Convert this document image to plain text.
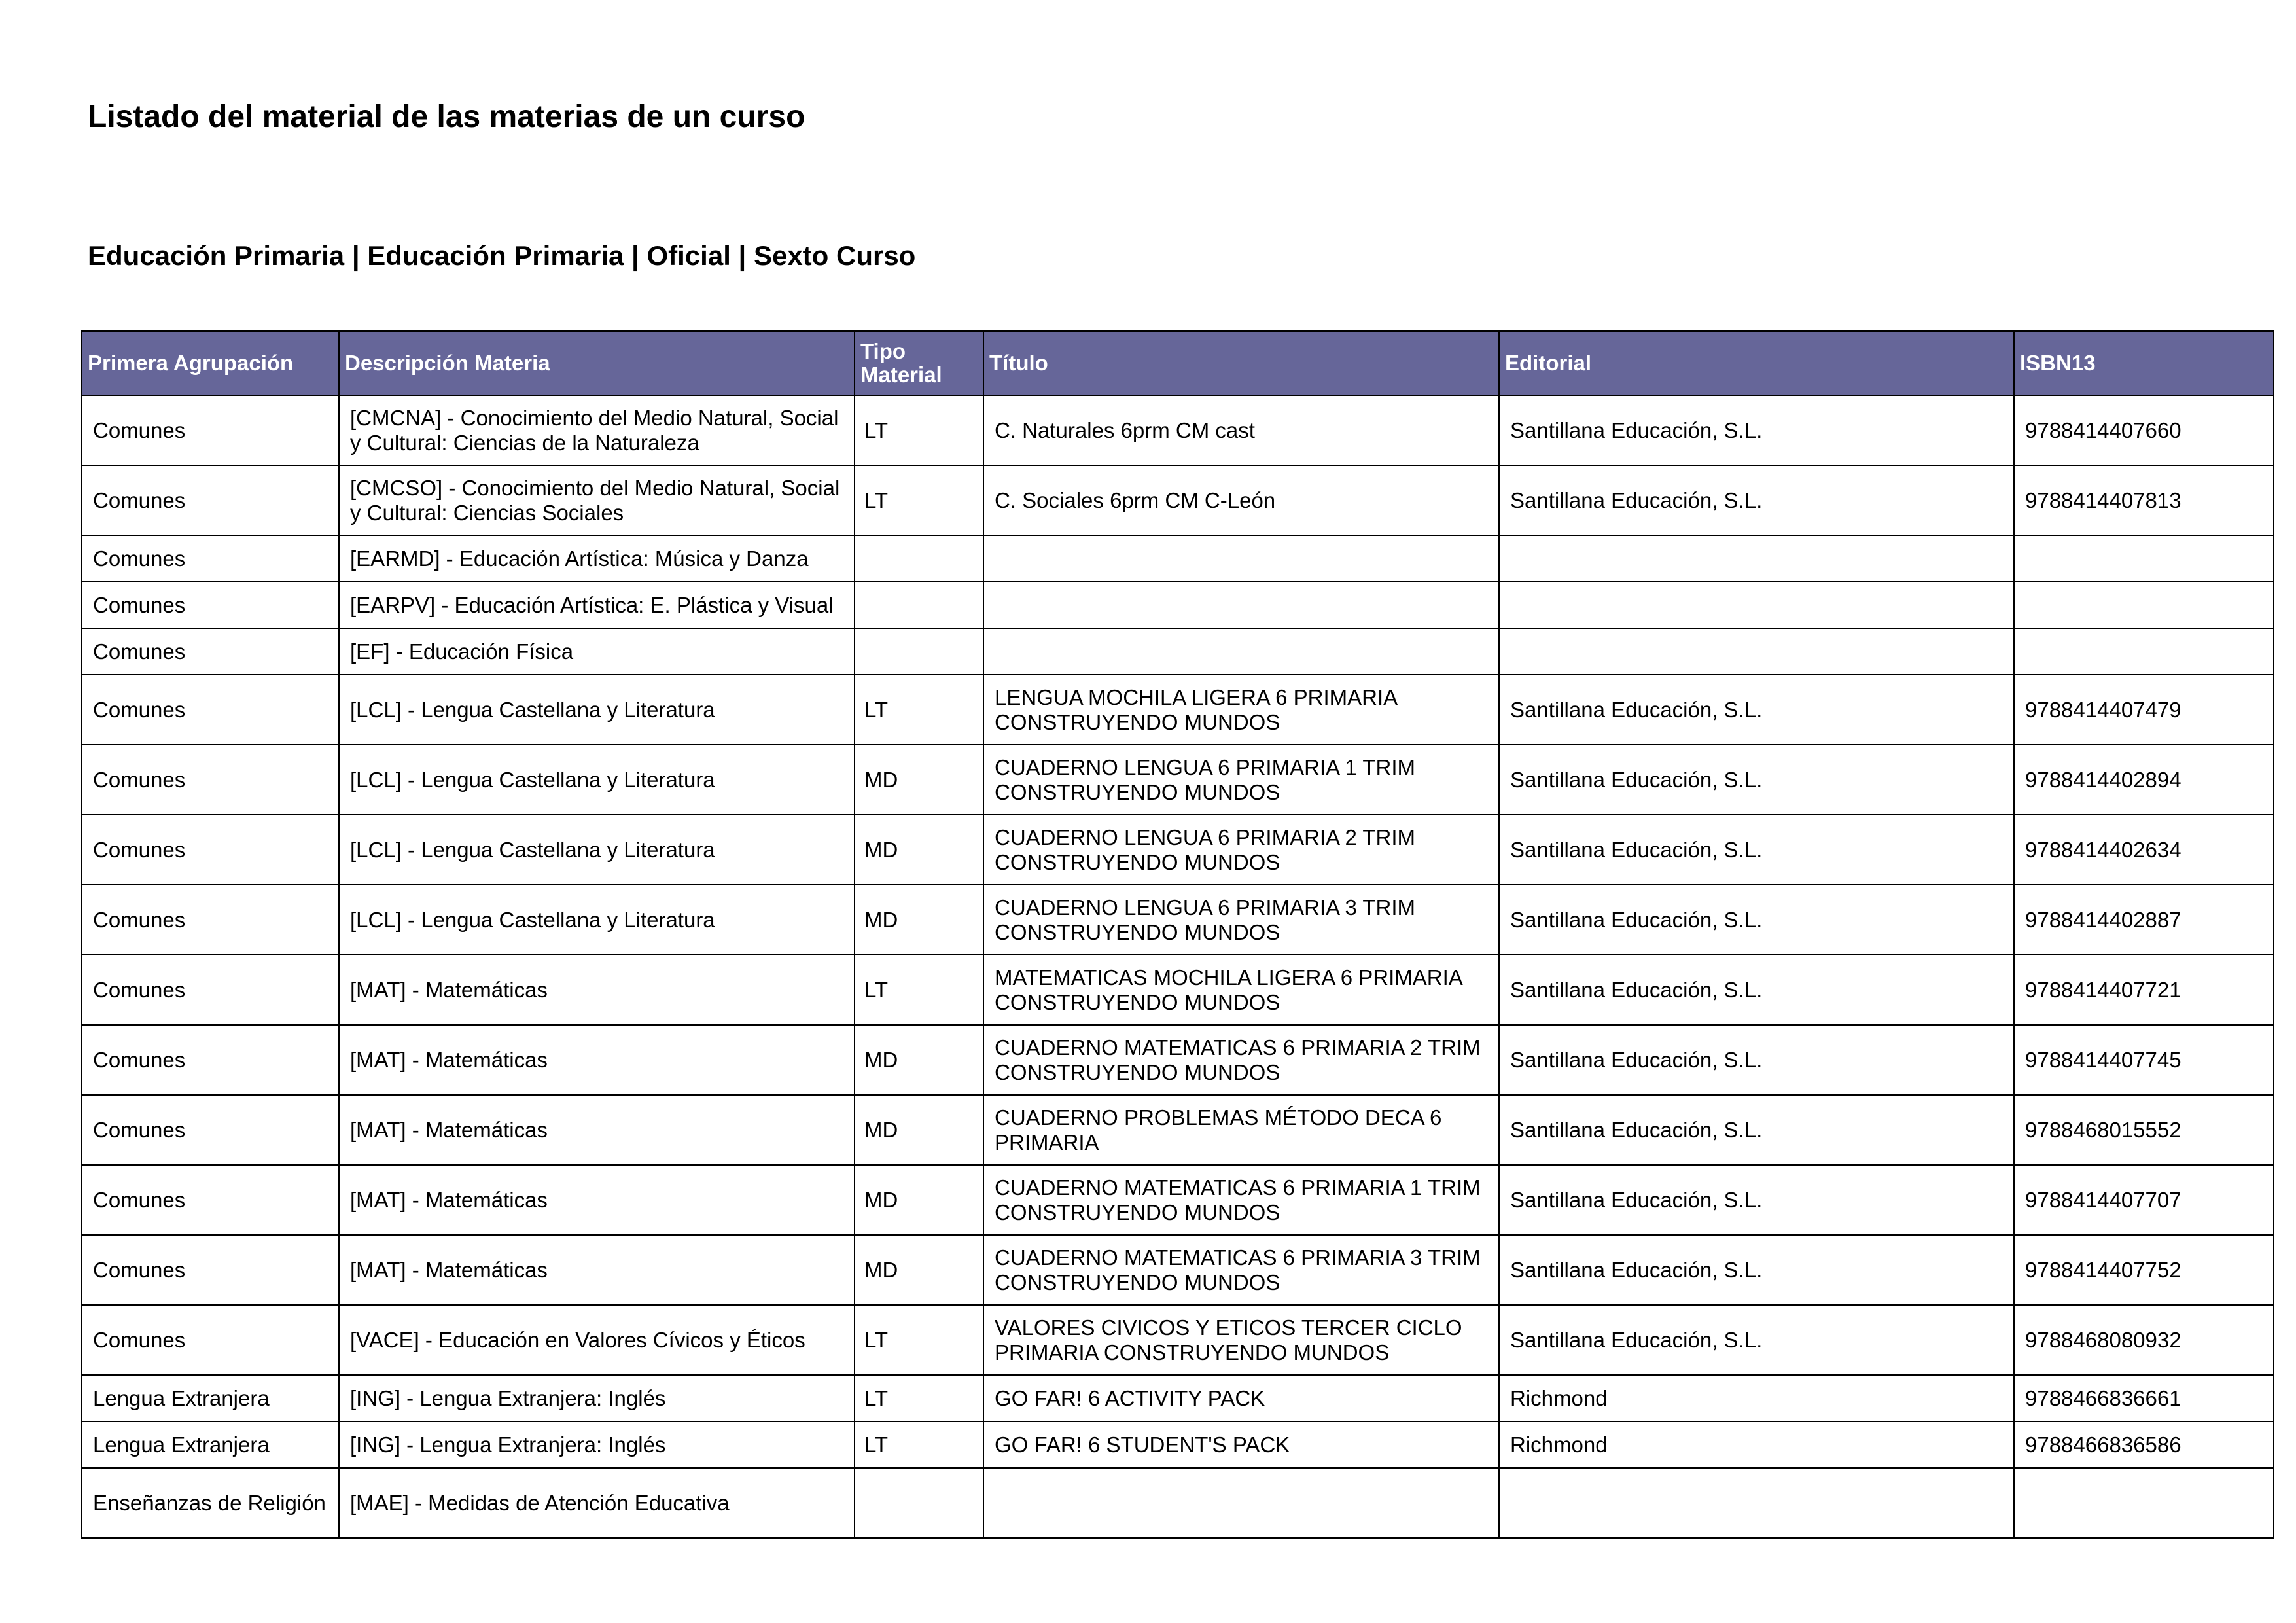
Listado del material de las materias de un curso
Educación Primaria | Educación Primaria | Oficial | Sexto Curso
Primera Agrupación	Descripción Materia	Tipo Material	Título	Editorial	ISBN13
Comunes	[CMCNA] - Conocimiento del Medio Natural, Social y Cultural: Ciencias de la Naturaleza	LT	C. Naturales 6prm CM cast	Santillana Educación, S.L.	9788414407660
Comunes	[CMCSO] - Conocimiento del Medio Natural, Social y Cultural: Ciencias Sociales	LT	C. Sociales 6prm CM C-León	Santillana Educación, S.L.	9788414407813
Comunes	[EARMD] - Educación Artística: Música y Danza				
Comunes	[EARPV] - Educación Artística: E. Plástica y Visual				
Comunes	[EF] - Educación Física				
Comunes	[LCL] - Lengua Castellana y Literatura	LT	LENGUA MOCHILA LIGERA 6 PRIMARIA CONSTRUYENDO MUNDOS	Santillana Educación, S.L.	9788414407479
Comunes	[LCL] - Lengua Castellana y Literatura	MD	CUADERNO LENGUA 6 PRIMARIA 1 TRIM CONSTRUYENDO MUNDOS	Santillana Educación, S.L.	9788414402894
Comunes	[LCL] - Lengua Castellana y Literatura	MD	CUADERNO LENGUA 6 PRIMARIA 2 TRIM CONSTRUYENDO MUNDOS	Santillana Educación, S.L.	9788414402634
Comunes	[LCL] - Lengua Castellana y Literatura	MD	CUADERNO LENGUA 6 PRIMARIA 3 TRIM CONSTRUYENDO MUNDOS	Santillana Educación, S.L.	9788414402887
Comunes	[MAT] - Matemáticas	LT	MATEMATICAS MOCHILA LIGERA 6 PRIMARIA CONSTRUYENDO MUNDOS	Santillana Educación, S.L.	9788414407721
Comunes	[MAT] - Matemáticas	MD	CUADERNO MATEMATICAS 6 PRIMARIA 2 TRIM CONSTRUYENDO MUNDOS	Santillana Educación, S.L.	9788414407745
Comunes	[MAT] - Matemáticas	MD	CUADERNO PROBLEMAS MÉTODO DECA 6 PRIMARIA	Santillana Educación, S.L.	9788468015552
Comunes	[MAT] - Matemáticas	MD	CUADERNO MATEMATICAS 6 PRIMARIA 1 TRIM CONSTRUYENDO MUNDOS	Santillana Educación, S.L.	9788414407707
Comunes	[MAT] - Matemáticas	MD	CUADERNO MATEMATICAS 6 PRIMARIA 3 TRIM CONSTRUYENDO MUNDOS	Santillana Educación, S.L.	9788414407752
Comunes	[VACE] - Educación en Valores Cívicos y Éticos	LT	VALORES CIVICOS Y ETICOS TERCER CICLO PRIMARIA CONSTRUYENDO MUNDOS	Santillana Educación, S.L.	9788468080932
Lengua Extranjera	[ING] - Lengua Extranjera: Inglés	LT	GO FAR! 6 ACTIVITY PACK	Richmond	9788466836661
Lengua Extranjera	[ING] - Lengua Extranjera: Inglés	LT	GO FAR! 6 STUDENT'S PACK	Richmond	9788466836586
Enseñanzas de Religión	[MAE] - Medidas de Atención Educativa				
